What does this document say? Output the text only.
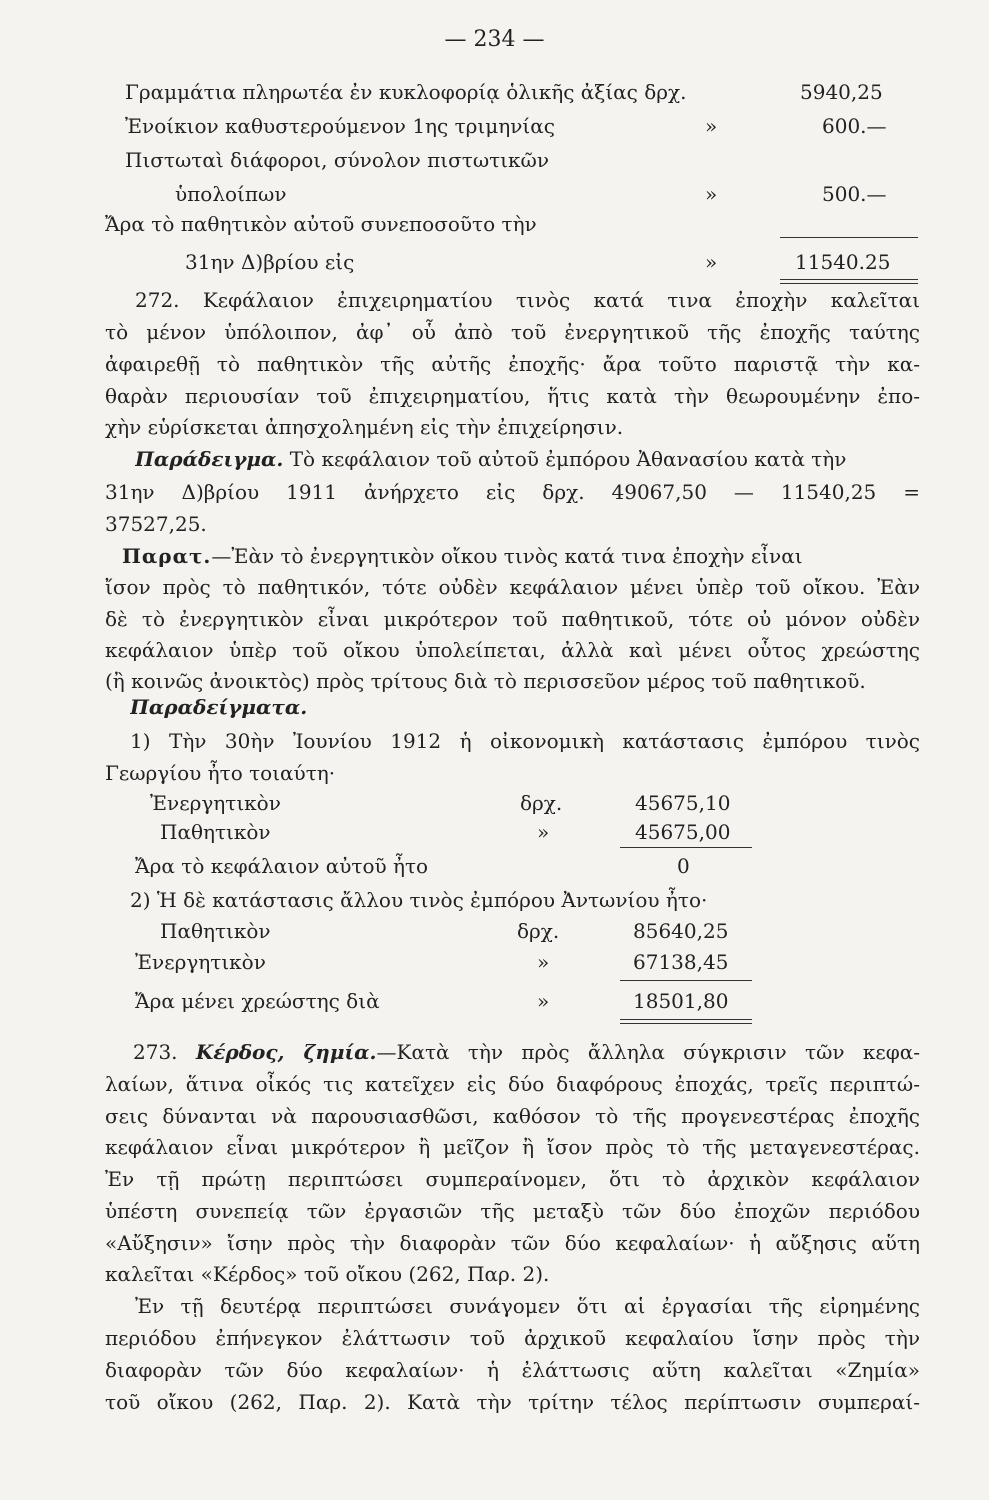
— 234 —
Γραμμάτια πληρωτέα ἐν κυκλοφορίᾳ ὁλικῆς ἀξίας δρχ.	5940,25
Ἐνοίκιον καθυστερούμενον 1ης τριμηνίας	»	600.—
Πιστωταὶ διάφοροι, σύνολον πιστωτικῶν
ὑπολοίπων	»	500.—
Ἄρα τὸ παθητικὸν αὐτοῦ συνεποσοῦτο τὴν
31ην Δ)βρίου εἰς	»	11540.25
272. Κεφάλαιον ἐπιχειρηματίου τινὸς κατά τινα ἐποχὴν καλεῖται
τὸ μένον ὑπόλοιπον, ἀφ᾽ οὗ ἀπὸ τοῦ ἐνεργητικοῦ τῆς ἐποχῆς ταύτης
ἀφαιρεθῇ τὸ παθητικὸν τῆς αὐτῆς ἐποχῆς· ἄρα τοῦτο παριστᾷ τὴν κα-
θαρὰν περιουσίαν τοῦ ἐπιχειρηματίου, ἥτις κατὰ τὴν θεωρουμένην ἐπο-
χὴν εὑρίσκεται ἀπησχολημένη εἰς τὴν ἐπιχείρησιν.
Παράδειγμα. Τὸ κεφάλαιον τοῦ αὐτοῦ ἐμπόρου Ἀθανασίου κατὰ τὴν
31ην Δ)βρίου 1911 ἀνήρχετο εἰς δρχ. 49067,50 — 11540,25 =
37527,25.
Παρατ.—Ἐὰν τὸ ἐνεργητικὸν οἴκου τινὸς κατά τινα ἐποχὴν εἶναι
ἴσον πρὸς τὸ παθητικόν, τότε οὐδὲν κεφάλαιον μένει ὑπὲρ τοῦ οἴκου. Ἐὰν
δὲ τὸ ἐνεργητικὸν εἶναι μικρότερον τοῦ παθητικοῦ, τότε οὐ μόνον οὐδὲν
κεφάλαιον ὑπὲρ τοῦ οἴκου ὑπολείπεται, ἀλλὰ καὶ μένει οὗτος χρεώστης
(ἢ κοινῶς ἀνοικτὸς) πρὸς τρίτους διὰ τὸ περισσεῦον μέρος τοῦ παθητικοῦ.
Παραδείγματα.
1) Τὴν 30ὴν Ἰουνίου 1912 ἡ οἰκονομικὴ κατάστασις ἐμπόρου τινὸς
Γεωργίου ἦτο τοιαύτη·
Ἐνεργητικὸν	δρχ.	45675,10
Παθητικὸν	»	45675,00
Ἄρα τὸ κεφάλαιον αὐτοῦ ἦτο	0
2) Ἡ δὲ κατάστασις ἄλλου τινὸς ἐμπόρου Ἀντωνίου ἦτο·
Παθητικὸν	δρχ.	85640,25
Ἐνεργητικὸν	»	67138,45
Ἄρα μένει χρεώστης διὰ	»	18501,80
273. Κέρδος, ζημία.—Κατὰ τὴν πρὸς ἄλληλα σύγκρισιν τῶν κεφα-
λαίων, ἅτινα οἶκός τις κατεῖχεν εἰς δύο διαφόρους ἐποχάς, τρεῖς περιπτώ-
σεις δύνανται νὰ παρουσιασθῶσι, καθόσον τὸ τῆς προγενεστέρας ἐποχῆς
κεφάλαιον εἶναι μικρότερον ἢ μεῖζον ἢ ἴσον πρὸς τὸ τῆς μεταγενεστέρας.
Ἐν τῇ πρώτῃ περιπτώσει συμπεραίνομεν, ὅτι τὸ ἀρχικὸν κεφάλαιον
ὑπέστη συνεπείᾳ τῶν ἐργασιῶν τῆς μεταξὺ τῶν δύο ἐποχῶν περιόδου
«Αὔξησιν» ἴσην πρὸς τὴν διαφορὰν τῶν δύο κεφαλαίων· ἡ αὔξησις αὕτη
καλεῖται «Κέρδος» τοῦ οἴκου (262, Παρ. 2).
Ἐν τῇ δευτέρᾳ περιπτώσει συνάγομεν ὅτι αἱ ἐργασίαι τῆς εἰρημένης
περιόδου ἐπήνεγκον ἐλάττωσιν τοῦ ἀρχικοῦ κεφαλαίου ἴσην πρὸς τὴν
διαφορὰν τῶν δύο κεφαλαίων· ἡ ἐλάττωσις αὕτη καλεῖται «Ζημία»
τοῦ οἴκου (262, Παρ. 2). Κατὰ τὴν τρίτην τέλος περίπτωσιν συμπεραί-
